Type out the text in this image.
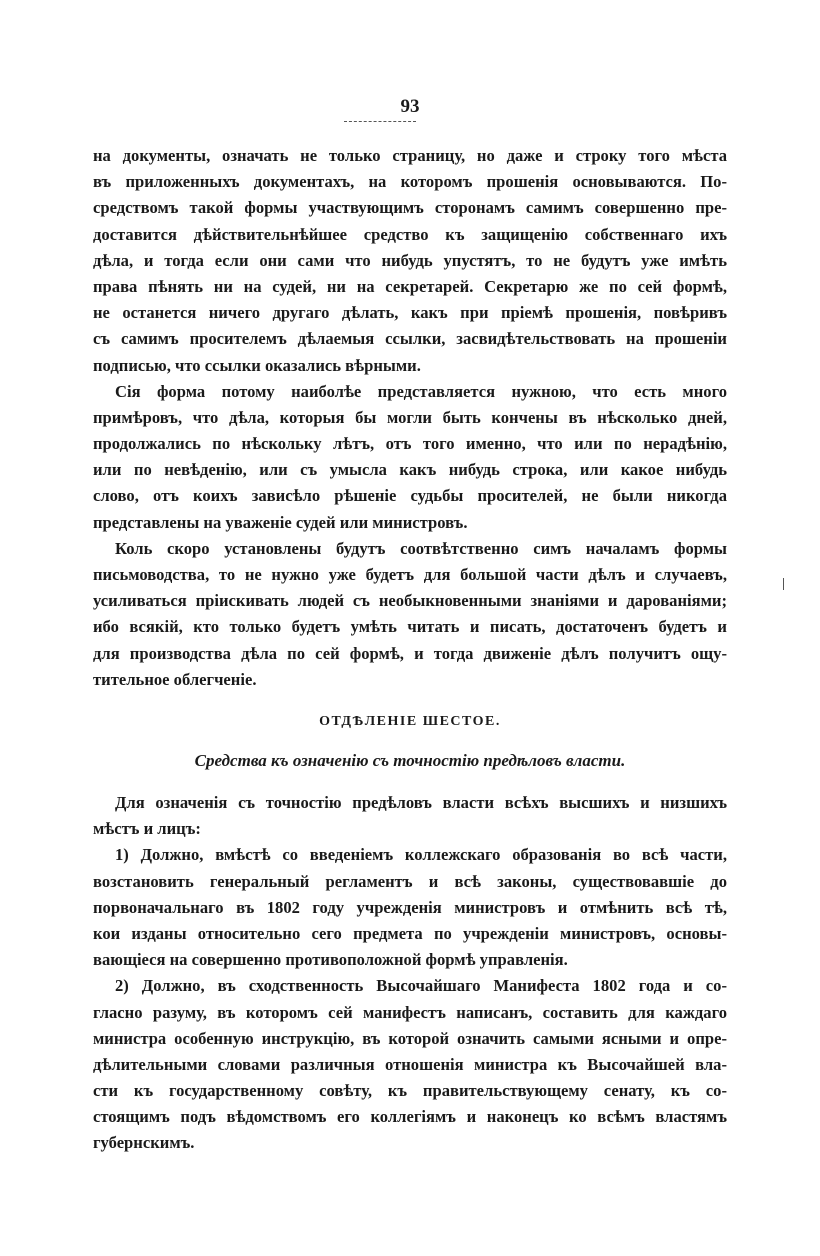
93
на документы, означать не только страницу, но даже и строку того мѣста
въ приложенныхъ документахъ, на которомъ прошенія основываются. По-
средствомъ такой формы участвующимъ сторонамъ самимъ совершенно пре-
доставится дѣйствительнѣйшее средство къ защищенію собственнаго ихъ
дѣла, и тогда если они сами что нибудь упустятъ, то не будутъ уже имѣть
права пѣнять ни на судей, ни на секретарей. Секретарю же по сей формѣ,
не останется ничего другаго дѣлать, какъ при пріемѣ прошенія, повѣривъ
съ самимъ просителемъ дѣлаемыя ссылки, засвидѣтельствовать на прошеніи
подписью, что ссылки оказались вѣрными.
Сія форма потому наиболѣе представляется нужною, что есть много
примѣровъ, что дѣла, которыя бы могли быть кончены въ нѣсколько дней,
продолжались по нѣскольку лѣтъ, отъ того именно, что или по нерадѣнію,
или по невѣденію, или съ умысла какъ нибудь строка, или какое нибудь
слово, отъ коихъ зависѣло рѣшеніе судьбы просителей, не были никогда
представлены на уваженіе судей или министровъ.
Коль скоро установлены будутъ соотвѣтственно симъ началамъ формы
письмоводства, то не нужно уже будетъ для большой части дѣлъ и случаевъ,
усиливаться пріискивать людей съ необыкновенными знаніями и дарованіями;
ибо всякій, кто только будетъ умѣть читать и писать, достаточенъ будетъ и
для производства дѣла по сей формѣ, и тогда движеніе дѣлъ получитъ ощу-
тительное облегченіе.
ОТДѢЛЕНІЕ ШЕСТОЕ.
Средства къ означенію съ точностію предѣловъ власти.
Для означенія съ точностію предѣловъ власти всѣхъ высшихъ и низшихъ
мѣстъ и лицъ:
1) Должно, вмѣстѣ со введеніемъ коллежскаго образованія во всѣ части,
возстановить генеральный регламентъ и всѣ законы, существовавшіе до
порвоначальнаго въ 1802 году учрежденія министровъ и отмѣнить всѣ тѣ,
кои изданы относительно сего предмета по учрежденіи министровъ, основы-
вающіеся на совершенно противоположной формѣ управленія.
2) Должно, въ сходственность Высочайшаго Манифеста 1802 года и со-
гласно разуму, въ которомъ сей манифестъ написанъ, составить для каждаго
министра особенную инструкцію, въ которой означить самыми ясными и опре-
дѣлительными словами различныя отношенія министра къ Высочайшей вла-
сти къ государственному совѣту, къ правительствующему сенату, къ со-
стоящимъ подъ вѣдомствомъ его коллегіямъ и наконецъ ко всѣмъ властямъ
губернскимъ.
